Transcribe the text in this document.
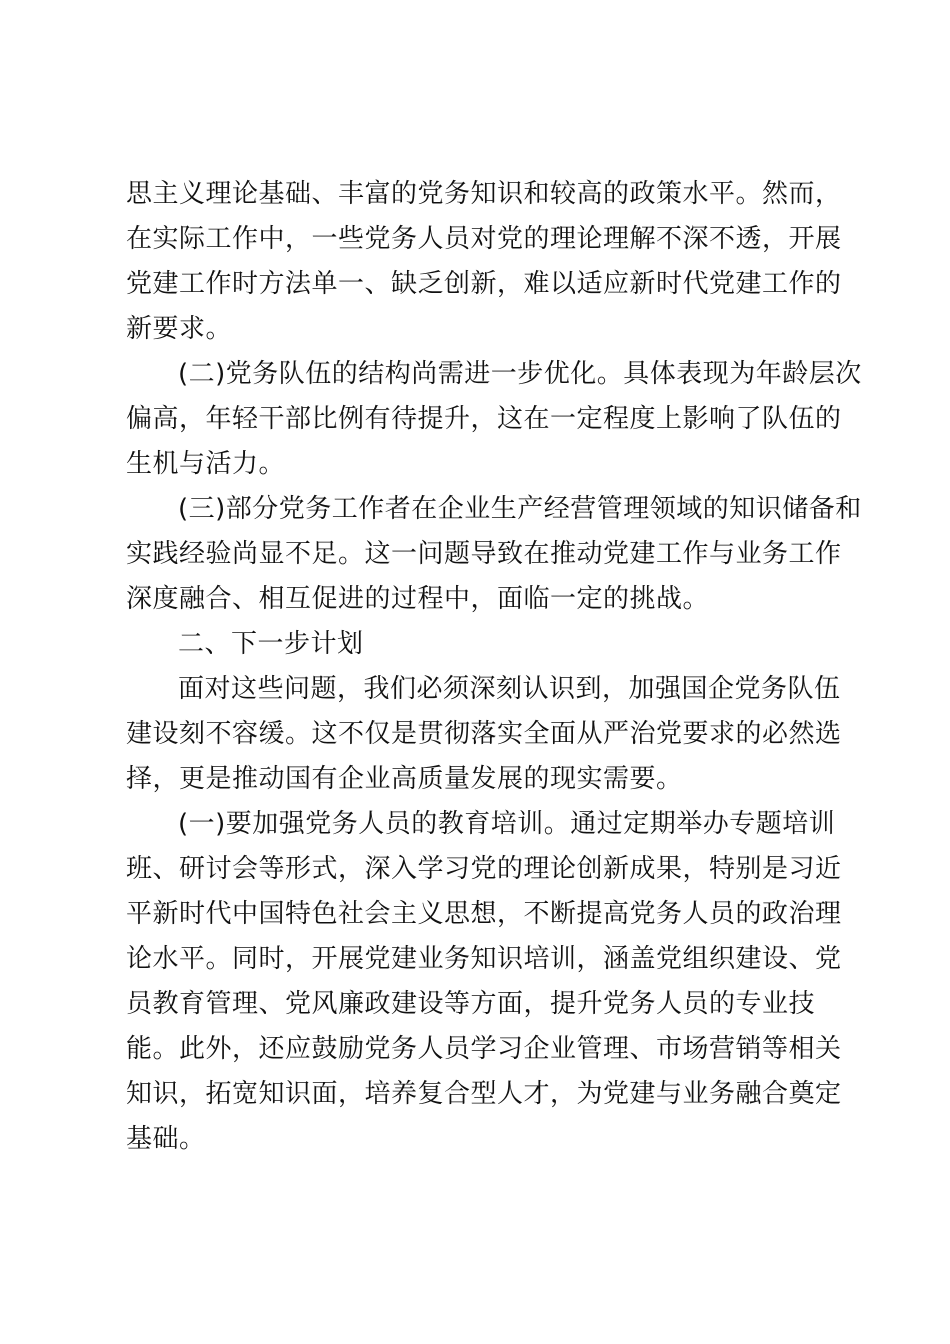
思主义理论基础、丰富的党务知识和较高的政策水平。然而，
在实际工作中，一些党务人员对党的理论理解不深不透，开展
党建工作时方法单一、缺乏创新，难以适应新时代党建工作的
新要求。
(二)党务队伍的结构尚需进一步优化。具体表现为年龄层次
偏高，年轻干部比例有待提升，这在一定程度上影响了队伍的
生机与活力。
(三)部分党务工作者在企业生产经营管理领域的知识储备和
实践经验尚显不足。这一问题导致在推动党建工作与业务工作
深度融合、相互促进的过程中，面临一定的挑战。
二、下一步计划
面对这些问题，我们必须深刻认识到，加强国企党务队伍
建设刻不容缓。这不仅是贯彻落实全面从严治党要求的必然选
择，更是推动国有企业高质量发展的现实需要。
(一)要加强党务人员的教育培训。通过定期举办专题培训
班、研讨会等形式，深入学习党的理论创新成果，特别是习近
平新时代中国特色社会主义思想，不断提高党务人员的政治理
论水平。同时，开展党建业务知识培训，涵盖党组织建设、党
员教育管理、党风廉政建设等方面，提升党务人员的专业技
能。此外，还应鼓励党务人员学习企业管理、市场营销等相关
知识，拓宽知识面，培养复合型人才，为党建与业务融合奠定
基础。
